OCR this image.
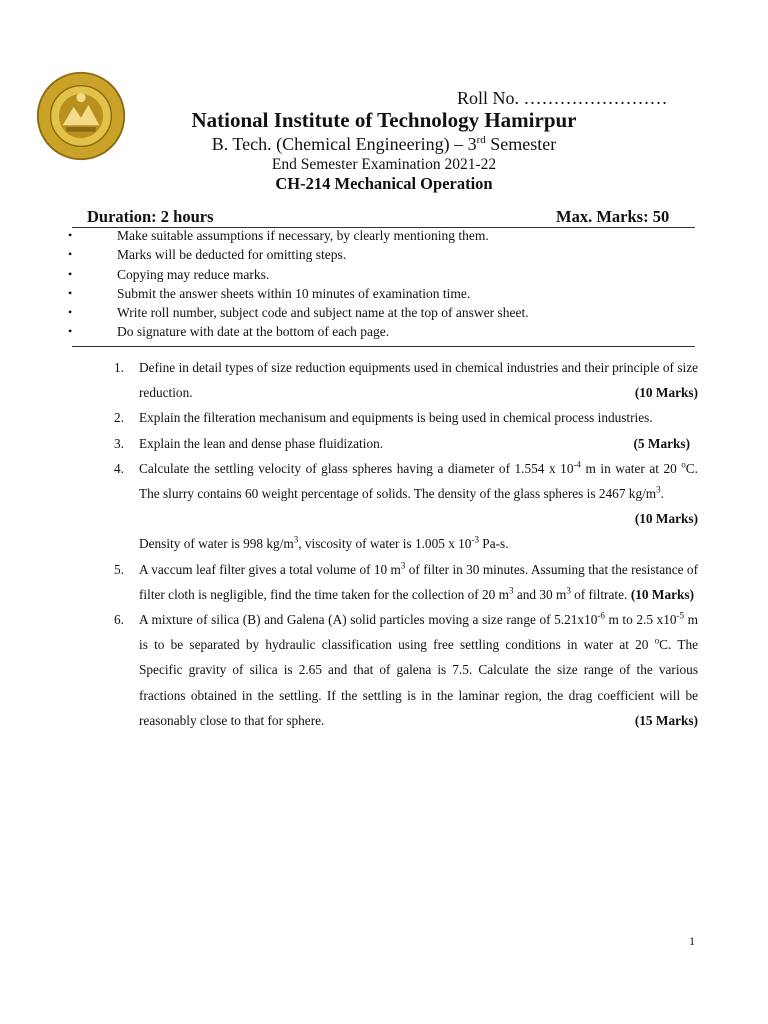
Roll No. ……………………
National Institute of Technology Hamirpur
B. Tech. (Chemical Engineering) – 3rd Semester
End Semester Examination 2021-22
CH-214 Mechanical Operation
Duration: 2 hours	Max. Marks: 50
•	Make suitable assumptions if necessary, by clearly mentioning them.
•	Marks will be deducted for omitting steps.
•	Copying may reduce marks.
•	Submit the answer sheets within 10 minutes of examination time.
•	Write roll number, subject code and subject name at the top of answer sheet.
•	Do signature with date at the bottom of each page.
1. Define in detail types of size reduction equipments used in chemical industries and their principle of size reduction.	(10 Marks)
2. Explain the filteration mechanisum and equipments is being used in chemical process industries.
3. Explain the lean and dense phase fluidization.	(5 Marks)
4. Calculate the settling velocity of glass spheres having a diameter of 1.554 x $10^{-4}$ m in water at 20 $^o$C. The slurry contains 60 weight percentage of solids. The density of the glass spheres is 2467 $kg/m^3$.
(10 Marks)
Density of water is 998 $kg/m^3$, viscosity of water is 1.005 x $10^{-3}$ Pa-s.
5. A vaccum leaf filter gives a total volume of 10 $m^3$ of filter in 30 minutes. Assuming that the resistance of filter cloth is negligible, find the time taken for the collection of 20 $m^3$ and 30 $m^3$ of filtrate. (10 Marks)
6. A mixture of silica (B) and Galena (A) solid particles moving a size range of $5.21x10^{-6}$ m to 2.5 $x10^{-5}$ m is to be separated by hydraulic classification using free settling conditions in water at 20 $^o$C. The Specific gravity of silica is 2.65 and that of galena is 7.5. Calculate the size range of the various fractions obtained in the settling. If the settling is in the laminar region, the drag coefficient will be reasonably close to that for sphere.	(15 Marks)
1
